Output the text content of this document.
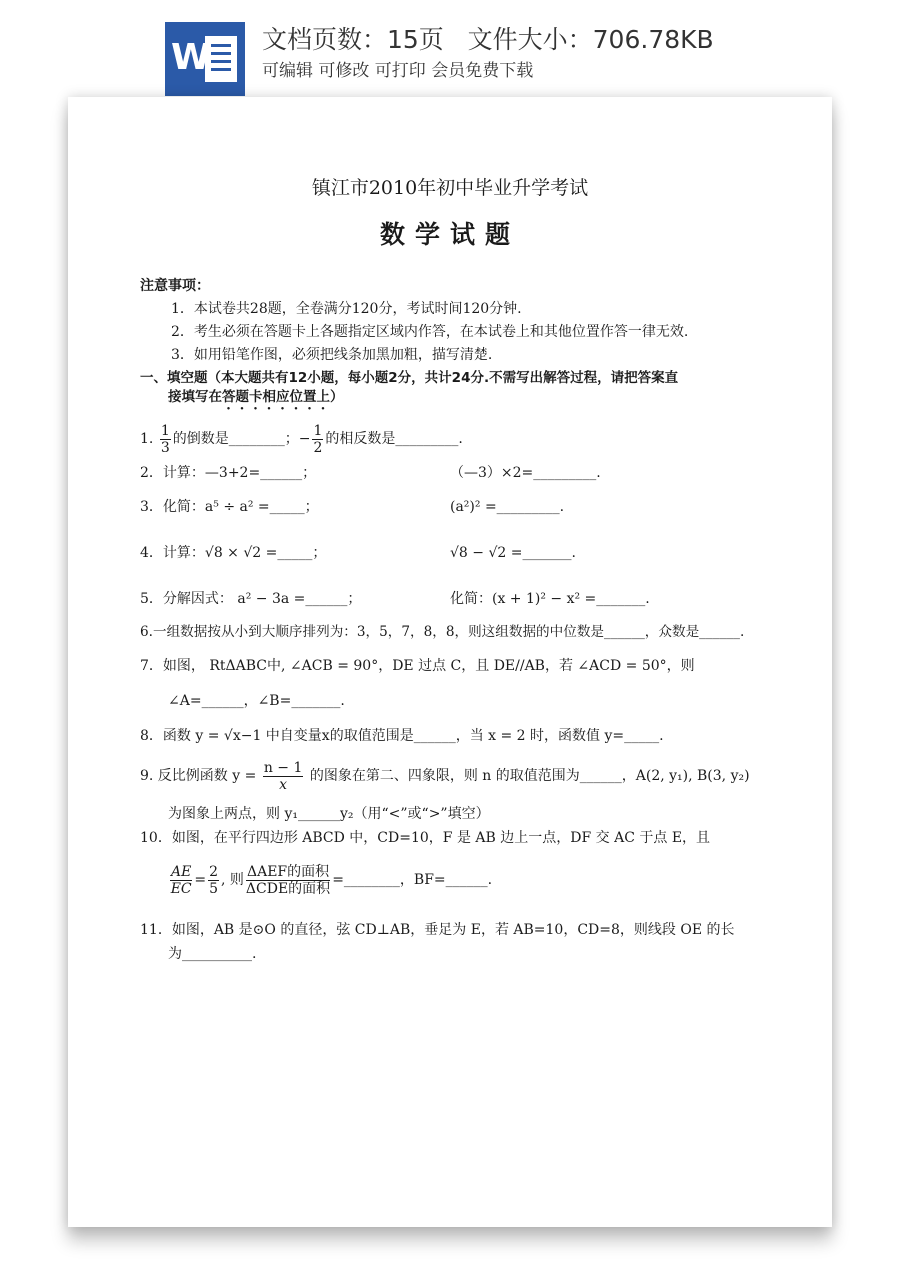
W 文档页数：15页   文件大小：706.78KB
可编辑 可修改 可打印 会员免费下载
镇江市2010年初中毕业升学考试
数学试题
注意事项：
1．本试卷共28题，全卷满分120分，考试时间120分钟.
2．考生必须在答题卡上各题指定区域内作答，在本试卷上和其他位置作答一律无效.
3．如用铅笔作图，必须把线条加黑加粗，描写清楚.
一、填空题（本大题共有12小题，每小题2分，共计24分.不需写出解答过程，请把答案直
接填写在答题卡相应位置上）
1. $\frac{1}{3}$ 的倒数是________；− $\frac{1}{2}$ 的相反数是_________.
2．计算：—3+2=______；	（—3）×2=_________.
3．化简：a⁵ ÷ a² =_____；	(a²)² =_________.
4．计算：√8 × √2 =_____；	√8 − √2 =_______.
5．分解因式： a² − 3a =______；	化简：(x + 1)² − x² =_______.
6.一组数据按从小到大顺序排列为：3，5，7，8，8，则这组数据的中位数是______，众数是______.
7．如图， RtΔABC中, ∠ACB = 90°，DE 过点 C，且 DE//AB，若 ∠ACD = 50°，则
∠A=______，∠B=_______.
8．函数 y = √x−1 中自变量x的取值范围是______，当 x = 2 时，函数值 y=_____.
9. 反比例函数 $y = \frac{n - 1}{x}$ 的图象在第二、四象限，则 n 的取值范围为______，A(2, y₁), B(3, y₂)
为图象上两点，则 y₁______y₂（用“<”或“>”填空）
10．如图，在平行四边形 ABCD 中，CD=10，F 是 AB 边上一点，DF 交 AC 于点 E，且
$\frac{AE}{EC} = \frac{2}{5}$ , 则 $\frac{\text{ΔAEF的面积}}{\text{ΔCDE的面积}}$ =________，BF=______.
11．如图，AB 是⊙O 的直径，弦 CD⊥AB，垂足为 E，若 AB=10，CD=8，则线段 OE 的长
为__________.
